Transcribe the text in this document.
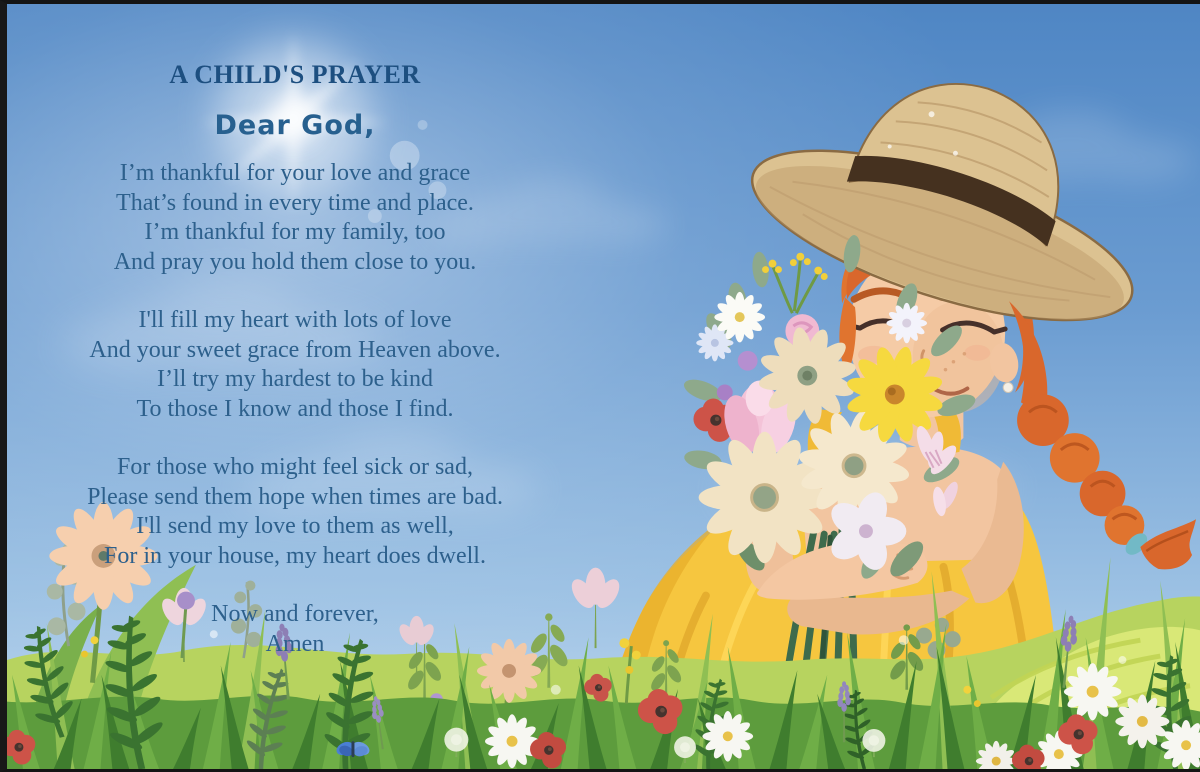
A CHILD'S PRAYER
Dear God,

I’m thankful for your love and grace

That’s found in every time and place.

I’m thankful for my family, too

And pray you hold them close to you.

I'll fill my heart with lots of love

And your sweet grace from Heaven above.

I’ll try my hardest to be kind

To those I know and those I find.

For those who might feel sick or sad,

Please send them hope when times are bad.

I'll send my love to them as well,

For in your house, my heart does dwell.

Now and forever,

Amen
